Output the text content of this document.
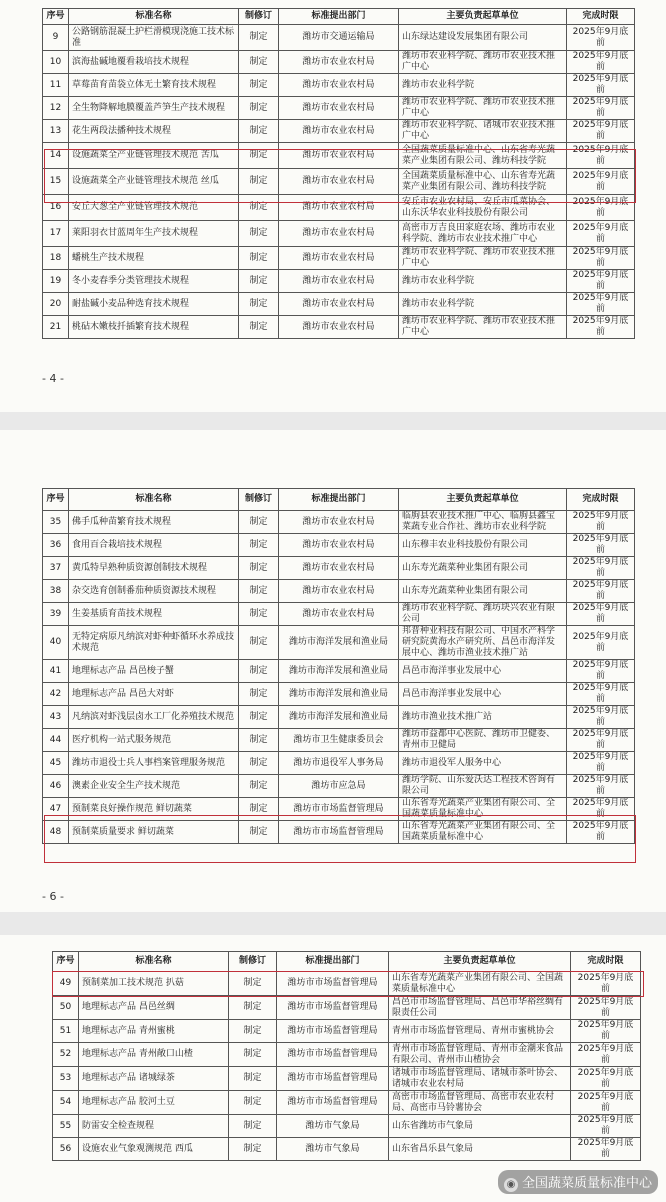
序号	标准名称	制修订	标准提出部门	主要负责起草单位	完成时限
9	公路钢筋混凝土护栏滑模现浇施工技术标准	制定	潍坊市交通运输局	山东绿达建设发展集团有限公司	2025年9月底前
10	滨海盐碱地覆看栽培技术规程	制定	潍坊市农业农村局	潍坊市农业科学院、潍坊市农业技术推广中心	2025年9月底前
11	草莓苗育苗袋立体无土繁育技术规程	制定	潍坊市农业农村局	潍坊市农业科学院	2025年9月底前
12	全生物降解地膜覆盖芦笋生产技术规程	制定	潍坊市农业农村局	潍坊市农业科学院、潍坊市农业技术推广中心	2025年9月底前
13	花生两段法播种技术规程	制定	潍坊市农业农村局	潍坊市农业科学院、诸城市农业技术推广中心	2025年9月底前
14	设施蔬菜全产业链管理技术规范 苦瓜	制定	潍坊市农业农村局	全国蔬菜质量标准中心、山东省寿光蔬菜产业集团有限公司、潍坊科技学院	2025年9月底前
15	设施蔬菜全产业链管理技术规范 丝瓜	制定	潍坊市农业农村局	全国蔬菜质量标准中心、山东省寿光蔬菜产业集团有限公司、潍坊科技学院	2025年9月底前
16	安丘大葱全产业链管理技术规范	制定	潍坊市农业农村局	安丘市农业农村局、安丘市瓜菜协会、山东沃华农业科技股份有限公司	2025年9月底前
17	莱阳羽衣甘蓝周年生产技术规程	制定	潍坊市农业农村局	高密市万吉良田家庭农场、潍坊市农业科学院、潍坊市农业技术推广中心	2025年9月底前
18	蟠桃生产技术规程	制定	潍坊市农业农村局	潍坊市农业科学院、潍坊市农业技术推广中心	2025年9月底前
19	冬小麦春季分类管理技术规程	制定	潍坊市农业农村局	潍坊市农业科学院	2025年9月底前
20	耐盐碱小麦品种选育技术规程	制定	潍坊市农业农村局	潍坊市农业科学院	2025年9月底前
21	桃砧木嫩枝扦插繁育技术规程	制定	潍坊市农业农村局	潍坊市农业科学院、潍坊市农业技术推广中心	2025年9月底前
- 4 -
序号	标准名称	制修订	标准提出部门	主要负责起草单位	完成时限
35	佛手瓜种苗繁育技术规程	制定	潍坊市农业农村局	临朐县农业技术推广中心、临朐县鑫宝菜蔬专业合作社、潍坊市农业科学院	2025年9月底前
36	食用百合栽培技术规程	制定	潍坊市农业农村局	山东穆丰农业科技股份有限公司	2025年9月底前
37	黄瓜特早熟种质资源创制技术规程	制定	潍坊市农业农村局	山东寿光蔬菜种业集团有限公司	2025年9月底前
38	杂交选育创制番茄种质资源技术规程	制定	潍坊市农业农村局	山东寿光蔬菜种业集团有限公司	2025年9月底前
39	生姜基质育苗技术规程	制定	潍坊市农业农村局	潍坊市农业科学院、潍坊块兴农业有限公司	2025年9月底前
40	无特定病原凡纳滨对虾种虾循环水养成技术规范	制定	潍坊市海洋发展和渔业局	邦普种业科技有限公司、中国水产科学研究院黄海水产研究所、昌邑市海洋发展中心、潍坊市渔业技术推广站	2025年9月底前
41	地理标志产品 昌邑梭子蟹	制定	潍坊市海洋发展和渔业局	昌邑市海洋事业发展中心	2025年9月底前
42	地理标志产品 昌邑大对虾	制定	潍坊市海洋发展和渔业局	昌邑市海洋事业发展中心	2025年9月底前
43	凡纳滨对虾浅层卤水工厂化养殖技术规范	制定	潍坊市海洋发展和渔业局	潍坊市渔业技术推广站	2025年9月底前
44	医疗机构一站式服务规范	制定	潍坊市卫生健康委员会	潍坊市益都中心医院、潍坊市卫健委、青州市卫健局	2025年9月底前
45	潍坊市退役士兵人事档案管理服务规范	制定	潍坊市退役军人事务局	潍坊市退役军人服务中心	2025年9月底前
46	澳素企业安全生产技术规范	制定	潍坊市应急局	潍坊学院、山东爱沃达工程技术咨询有限公司	2025年9月底前
47	预制菜良好操作规范 鲜切蔬菜	制定	潍坊市市场监督管理局	山东省寿光蔬菜产业集团有限公司、全国蔬菜质量标准中心	2025年9月底前
48	预制菜质量要求 鲜切蔬菜	制定	潍坊市市场监督管理局	山东省寿光蔬菜产业集团有限公司、全国蔬菜质量标准中心	2025年9月底前
- 6 -
序号	标准名称	制修订	标准提出部门	主要负责起草单位	完成时限
49	预制菜加工技术规范 扒菇	制定	潍坊市市场监督管理局	山东省寿光蔬菜产业集团有限公司、全国蔬菜质量标准中心	2025年9月底前
50	地理标志产品 昌邑丝绸	制定	潍坊市市场监督管理局	昌邑市市场监督管理局、昌邑市华裕丝绸有限责任公司	2025年9月底前
51	地理标志产品 青州蜜桃	制定	潍坊市市场监督管理局	青州市市场监督管理局、青州市蜜桃协会	2025年9月底前
52	地理标志产品 青州敞口山楂	制定	潍坊市市场监督管理局	青州市市场监督管理局、青州市金潮来食品有限公司、青州市山楂协会	2025年9月底前
53	地理标志产品 诸城绿茶	制定	潍坊市市场监督管理局	诸城市市场监督管理局、诸城市茶叶协会、诸城市农业农村局	2025年9月底前
54	地理标志产品 胶河土豆	制定	潍坊市市场监督管理局	高密市市场监督管理局、高密市农业农村局、高密市马铃薯协会	2025年9月底前
55	防雷安全检查规程	制定	潍坊市气象局	山东省潍坊市气象局	2025年9月底前
56	设施农业气象观测规范 西瓜	制定	潍坊市气象局	山东省昌乐县气象局	2025年9月底前
◉ 全国蔬菜质量标准中心
